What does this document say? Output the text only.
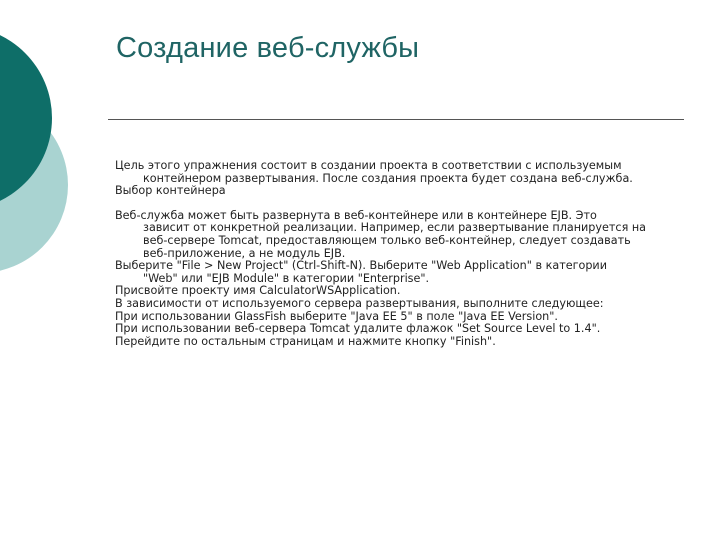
Создание веб-службы
Цель этого упражнения состоит в создании проекта в соответствии с используемым
контейнером развертывания. После создания проекта будет создана веб-служба.
Выбор контейнера
Веб-служба может быть развернута в веб-контейнере или в контейнере EJB. Это
зависит от конкретной реализации. Например, если развертывание планируется на
веб-сервере Tomcat, предоставляющем только веб-контейнер, следует создавать
веб-приложение, а не модуль EJB.
Выберите "File > New Project" (Ctrl-Shift-N). Выберите "Web Application" в категории
"Web" или "EJB Module" в категории "Enterprise".
Присвойте проекту имя CalculatorWSApplication.
В зависимости от используемого сервера развертывания, выполните следующее:
При использовании GlassFish выберите "Java EE 5" в поле "Java EE Version".
При использовании веб-сервера Tomcat удалите флажок "Set Source Level to 1.4".
Перейдите по остальным страницам и нажмите кнопку "Finish".
